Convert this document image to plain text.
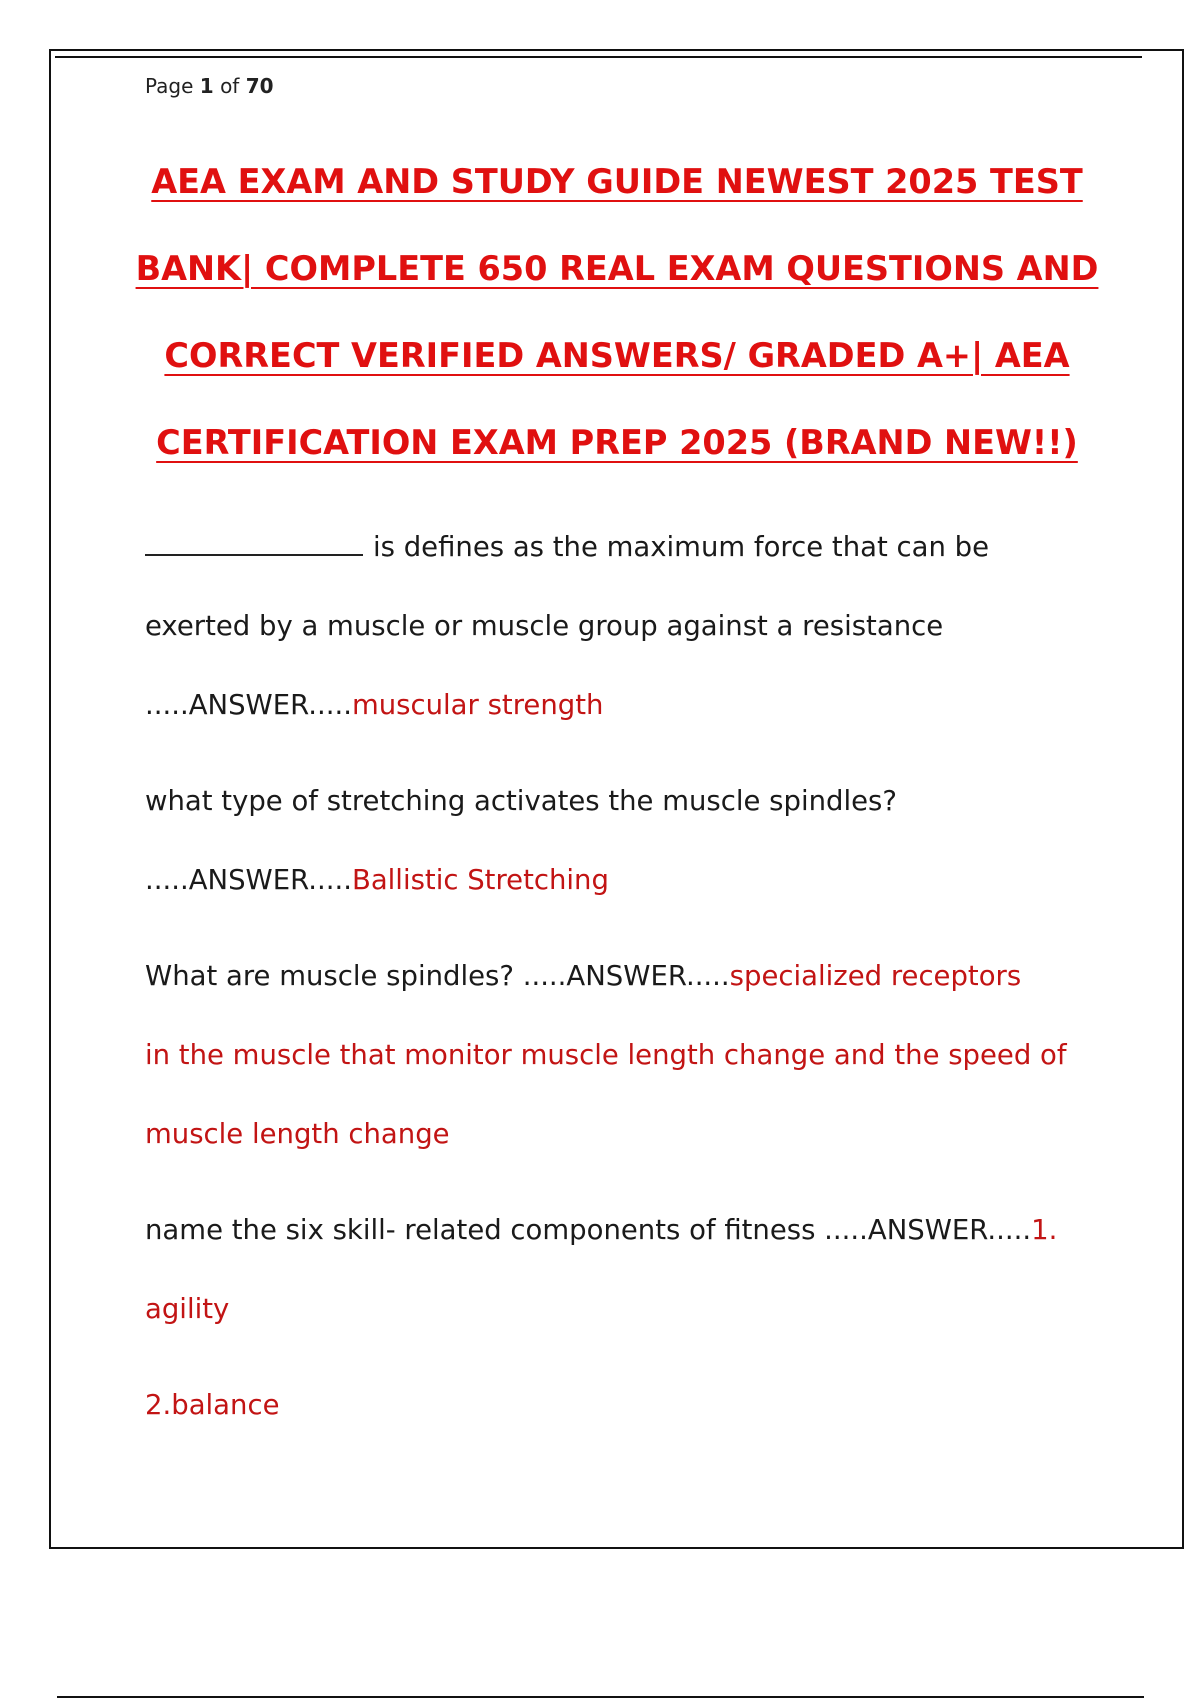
Page 1 of 70
AEA EXAM AND STUDY GUIDE NEWEST 2025 TEST
BANK| COMPLETE 650 REAL EXAM QUESTIONS AND
CORRECT VERIFIED ANSWERS/ GRADED A+| AEA
CERTIFICATION EXAM PREP 2025 (BRAND NEW!!)
is defines as the maximum force that can be
exerted by a muscle or muscle group against a resistance
.....ANSWER.....muscular strength
what type of stretching activates the muscle spindles?
.....ANSWER.....Ballistic Stretching
What are muscle spindles? .....ANSWER.....specialized receptors
in the muscle that monitor muscle length change and the speed of
muscle length change
name the six skill- related components of fitness .....ANSWER.....1.
agility
2.balance
